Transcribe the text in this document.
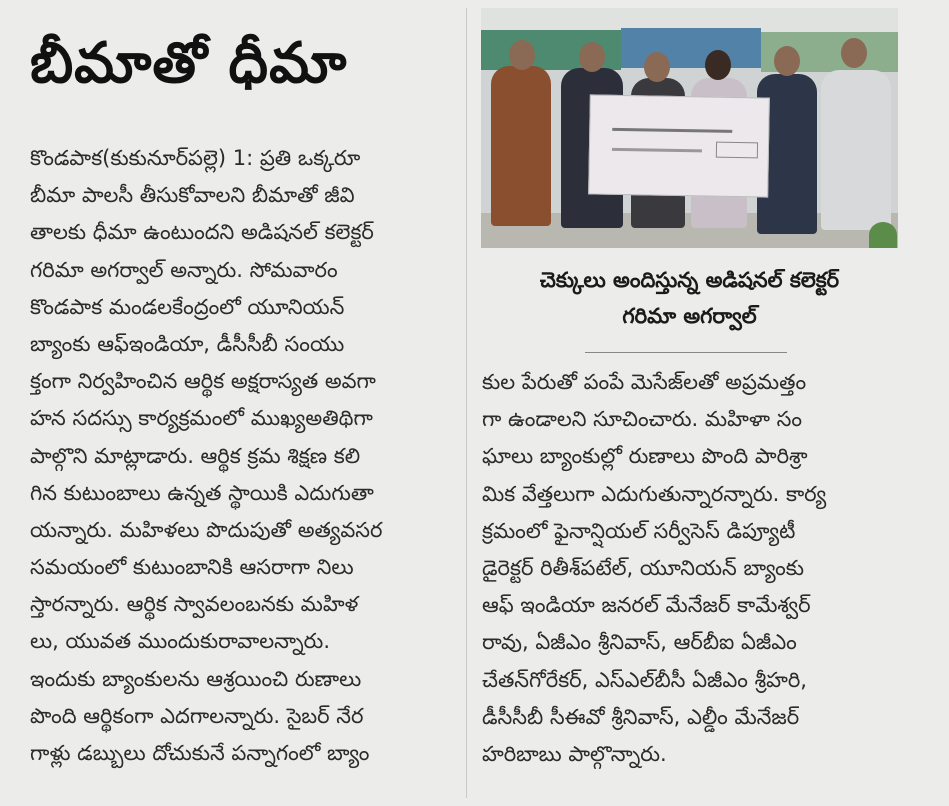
బీమాతో ధీమా
కొండపాక(కుకునూర్‌పల్లె) 1: ప్రతి ఒక్కరూ
బీమా పాలసీ తీసుకోవాలని బీమాతో జీవి
తాలకు ధీమా ఉంటుందని అడిషనల్ కలెక్టర్
గరిమా అగర్వాల్ అన్నారు. సోమవారం
కొండపాక మండలకేంద్రంలో యూనియన్
బ్యాంకు ఆఫ్‌ఇండియా, డీసీసీబీ సంయు
క్తంగా నిర్వహించిన ఆర్థిక అక్షరాస్యత అవగా
హన సదస్సు కార్యక్రమంలో ముఖ్యఅతిథిగా
పాల్గొని మాట్లాడారు. ఆర్థిక క్రమ శిక్షణ కలి
గిన కుటుంబాలు ఉన్నత స్థాయికి ఎదుగుతా
యన్నారు. మహిళలు పొదుపుతో అత్యవసర
సమయంలో కుటుంబానికి ఆసరాగా నిలు
స్తారన్నారు. ఆర్థిక స్వావలంబనకు మహిళ
లు, యువత ముందుకురావాలన్నారు.
ఇందుకు బ్యాంకులను ఆశ్రయించి రుణాలు
పొంది ఆర్థికంగా ఎదగాలన్నారు. సైబర్ నేర
గాళ్లు డబ్బులు దోచుకునే పన్నాగంలో బ్యాం
చెక్కులు అందిస్తున్న అడిషనల్ కలెక్టర్
గరిమా అగర్వాల్
కుల పేరుతో పంపే మెసేజ్‌లతో అప్రమత్తం
గా ఉండాలని సూచించారు. మహిళా సం
ఘాలు బ్యాంకుల్లో రుణాలు పొంది పారిశ్రా
మిక వేత్తలుగా ఎదుగుతున్నారన్నారు. కార్య
క్రమంలో ఫైనాన్షియల్ సర్వీసెస్ డిప్యూటీ
డైరెక్టర్ రితీశ్‌పటేల్, యూనియన్ బ్యాంకు
ఆఫ్ ఇండియా జనరల్ మేనేజర్ కామేశ్వర్
రావు, ఏజీఎం శ్రీనివాస్, ఆర్‌బీఐ ఏజీఎం
చేతన్‌గోరేకర్, ఎస్‌ఎల్‌బీసీ ఏజీఎం శ్రీహరి,
డీసీసీబీ సీఈవో శ్రీనివాస్, ఎల్డీం మేనేజర్
హరిబాబు పాల్గొన్నారు.
